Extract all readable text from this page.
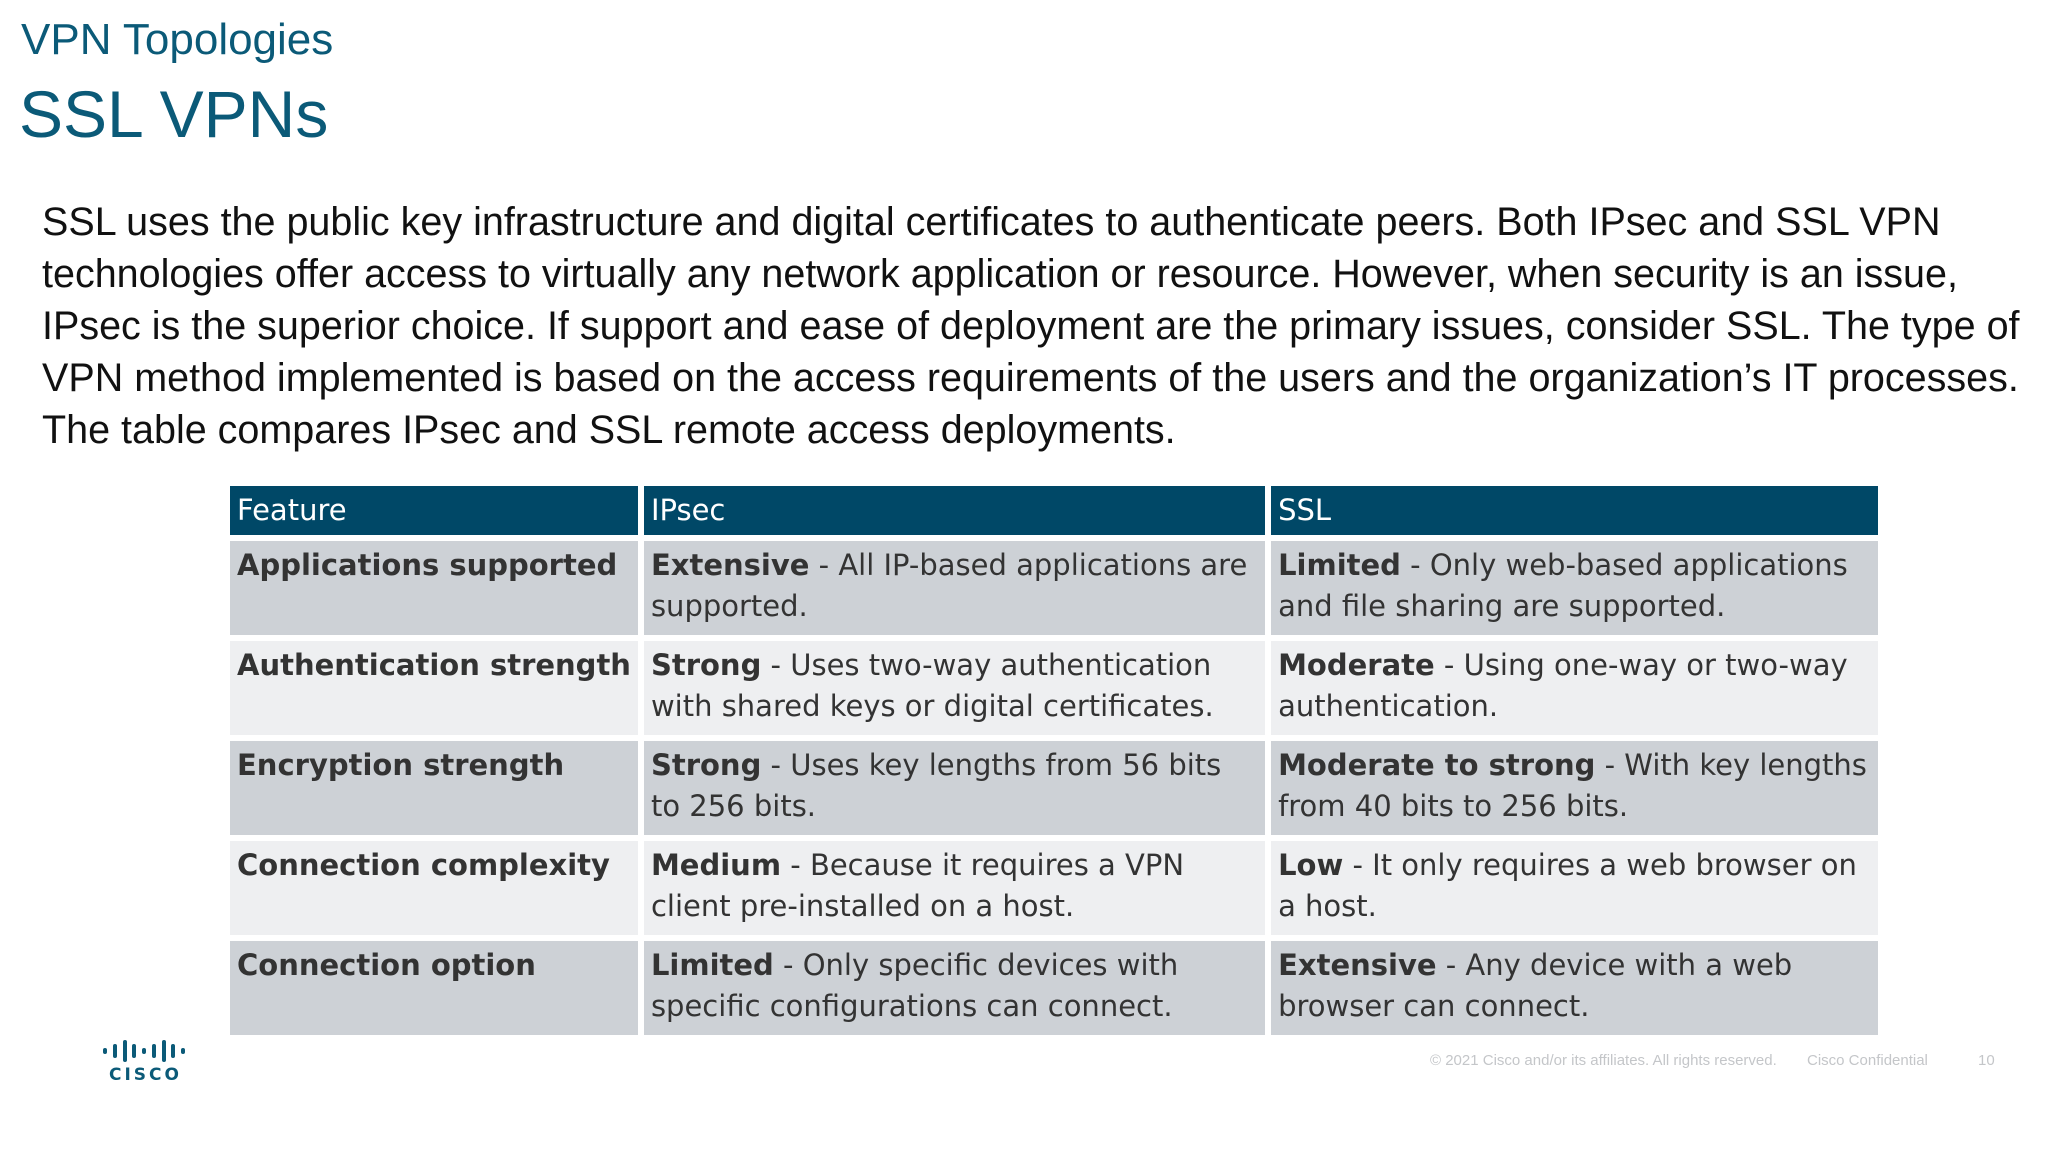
VPN Topologies
SSL VPNs

SSL uses the public key infrastructure and digital certificates to authenticate peers. Both IPsec and SSL VPN technologies offer access to virtually any network application or resource. However, when security is an issue, IPsec is the superior choice. If support and ease of deployment are the primary issues, consider SSL. The type of VPN method implemented is based on the access requirements of the users and the organization’s IT processes. The table compares IPsec and SSL remote access deployments.

Feature	IPsec	SSL
Applications supported	Extensive - All IP-based applications are supported.	Limited - Only web-based applications and file sharing are supported.
Authentication strength	Strong - Uses two-way authentication with shared keys or digital certificates.	Moderate - Using one-way or two-way authentication.
Encryption strength	Strong - Uses key lengths from 56 bits to 256 bits.	Moderate to strong - With key lengths from 40 bits to 256 bits.
Connection complexity	Medium - Because it requires a VPN client pre-installed on a host.	Low - It only requires a web browser on a host.
Connection option	Limited - Only specific devices with specific configurations can connect.	Extensive - Any device with a web browser can connect.
CISCO
© 2021 Cisco and/or its affiliates. All rights reserved. Cisco Confidential	10
